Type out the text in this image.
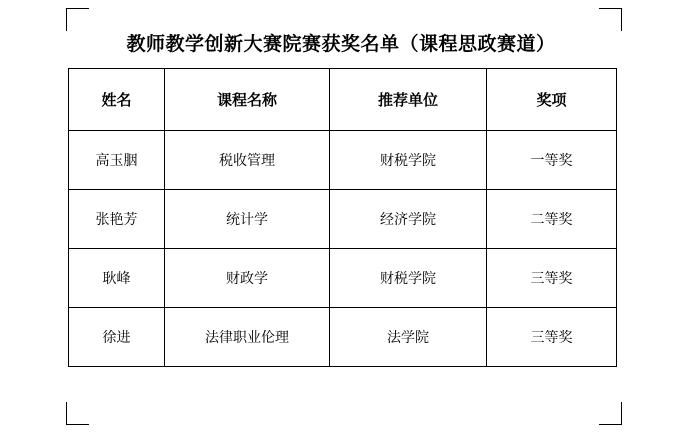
教师教学创新大赛院赛获奖名单（课程思政赛道）
姓名	课程名称	推荐单位	奖项
高玉胭	税收管理	财税学院	一等奖
张艳芳	统计学	经济学院	二等奖
耿峰	财政学	财税学院	三等奖
徐进	法律职业伦理	法学院	三等奖
